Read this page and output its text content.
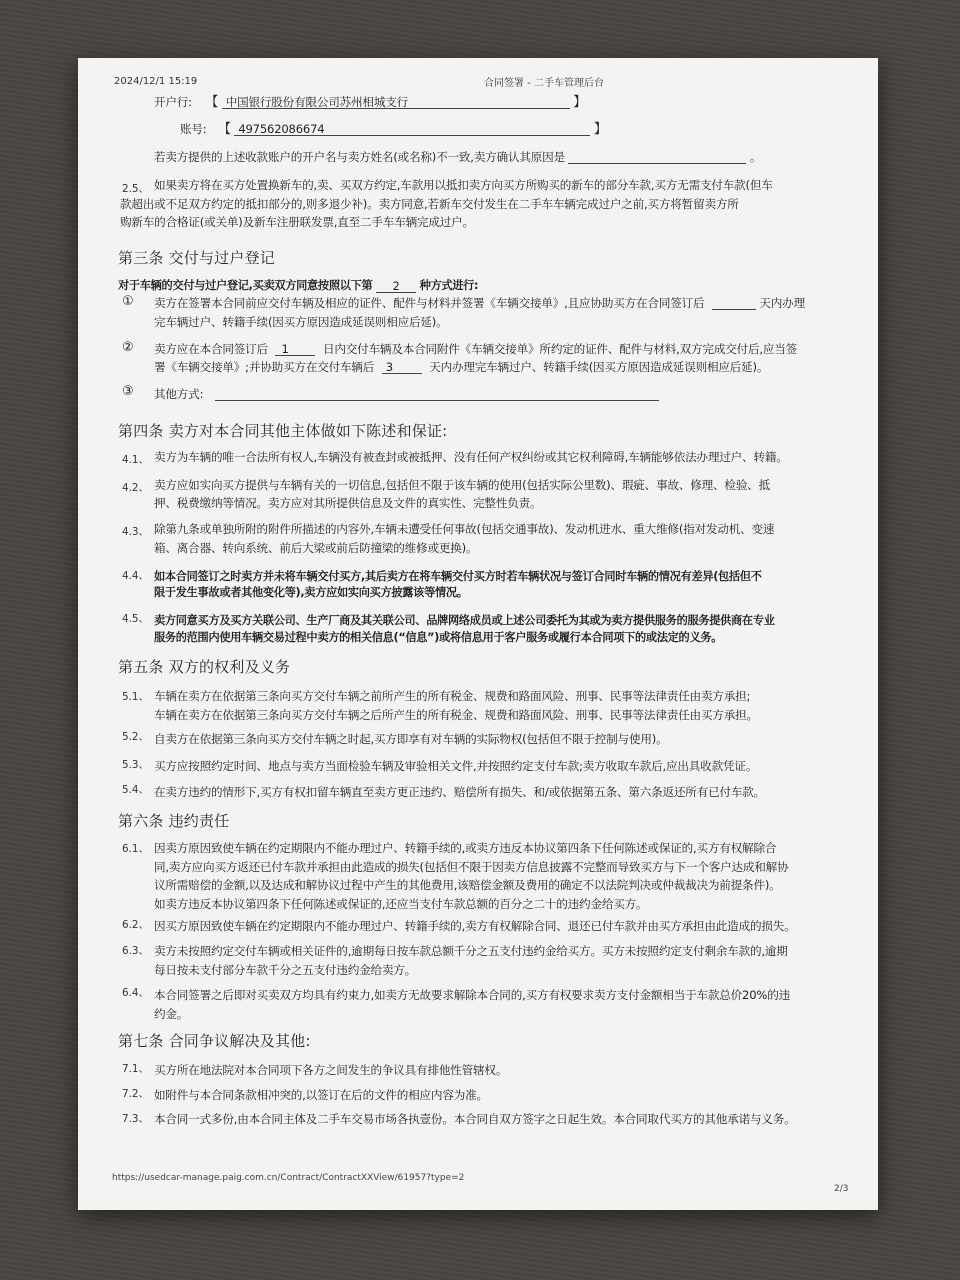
2024/12/1 15:19	合同签署 - 二手车管理后台
开户行: 【 中国银行股份有限公司苏州相城支行	】
账号: 【 497562086674	】
若卖方提供的上述收款账户的开户名与卖方姓名(或名称)不一致,卖方确认其原因是	。
2.5、 如果卖方将在买方处置换新车的,卖、买双方约定,车款用以抵扣卖方向买方所购买的新车的部分车款,买方无需支付车款(但车
款超出或不足双方约定的抵扣部分的,则多退少补)。卖方同意,若新车交付发生在二手车车辆完成过户之前,买方将暂留卖方所
购新车的合格证(或关单)及新车注册联发票,直至二手车车辆完成过户。
第三条 交付与过户登记
对于车辆的交付与过户登记,买卖双方同意按照以下第 2 种方式进行:
① 卖方在签署本合同前应交付车辆及相应的证件、配件与材料并签署《车辆交接单》,且应协助买方在合同签订后	天内办理
完车辆过户、转籍手续(因买方原因造成延误则相应后延)。
② 卖方应在本合同签订后 1	日内交付车辆及本合同附件《车辆交接单》所约定的证件、配件与材料,双方完成交付后,应当签
署《车辆交接单》;并协助买方在交付车辆后 3	天内办理完车辆过户、转籍手续(因买方原因造成延误则相应后延)。
③ 其他方式:
第四条 卖方对本合同其他主体做如下陈述和保证:
4.1、 卖方为车辆的唯一合法所有权人,车辆没有被查封或被抵押、没有任何产权纠纷或其它权利障碍,车辆能够依法办理过户、转籍。
4.2、 卖方应如实向买方提供与车辆有关的一切信息,包括但不限于该车辆的使用(包括实际公里数)、瑕疵、事故、修理、检验、抵
押、税费缴纳等情况。卖方应对其所提供信息及文件的真实性、完整性负责。
4.3、 除第九条或单独所附的附件所描述的内容外,车辆未遭受任何事故(包括交通事故)、发动机进水、重大维修(指对发动机、变速
箱、离合器、转向系统、前后大梁或前后防撞梁的维修或更换)。
4.4、 如本合同签订之时卖方并未将车辆交付买方,其后卖方在将车辆交付买方时若车辆状况与签订合同时车辆的情况有差异(包括但不
限于发生事故或者其他变化等),卖方应如实向买方披露该等情况。
4.5、 卖方同意买方及买方关联公司、生产厂商及其关联公司、品牌网络成员或上述公司委托为其或为卖方提供服务的服务提供商在专业
服务的范围内使用车辆交易过程中卖方的相关信息(“信息”)或将信息用于客户服务或履行本合同项下的或法定的义务。
第五条 双方的权利及义务
5.1、 车辆在卖方在依据第三条向买方交付车辆之前所产生的所有税金、规费和路面风险、刑事、民事等法律责任由卖方承担;
车辆在卖方在依据第三条向买方交付车辆之后所产生的所有税金、规费和路面风险、刑事、民事等法律责任由买方承担。
5.2、 自卖方在依据第三条向买方交付车辆之时起,买方即享有对车辆的实际物权(包括但不限于控制与使用)。
5.3、 买方应按照约定时间、地点与卖方当面检验车辆及审验相关文件,并按照约定支付车款;卖方收取车款后,应出具收款凭证。
5.4、 在卖方违约的情形下,买方有权扣留车辆直至卖方更正违约、赔偿所有损失、和/或依据第五条、第六条返还所有已付车款。
第六条 违约责任
6.1、 因卖方原因致使车辆在约定期限内不能办理过户、转籍手续的,或卖方违反本协议第四条下任何陈述或保证的,买方有权解除合
同,卖方应向买方返还已付车款并承担由此造成的损失(包括但不限于因卖方信息披露不完整而导致买方与下一个客户达成和解协
议所需赔偿的金额,以及达成和解协议过程中产生的其他费用,该赔偿金额及费用的确定不以法院判决或仲裁裁决为前提条件)。
如卖方违反本协议第四条下任何陈述或保证的,还应当支付车款总额的百分之二十的违约金给买方。
6.2、 因买方原因致使车辆在约定期限内不能办理过户、转籍手续的,卖方有权解除合同、退还已付车款并由买方承担由此造成的损失。
6.3、 卖方未按照约定交付车辆或相关证件的,逾期每日按车款总额千分之五支付违约金给买方。买方未按照约定支付剩余车款的,逾期
每日按未支付部分车款千分之五支付违约金给卖方。
6.4、 本合同签署之后即对买卖双方均具有约束力,如卖方无故要求解除本合同的,买方有权要求卖方支付金额相当于车款总价20%的违
约金。
第七条 合同争议解决及其他:
7.1、 买方所在地法院对本合同项下各方之间发生的争议具有排他性管辖权。
7.2、 如附件与本合同条款相冲突的,以签订在后的文件的相应内容为准。
7.3、 本合同一式多份,由本合同主体及二手车交易市场各执壹份。本合同自双方签字之日起生效。本合同取代买方的其他承诺与义务。
https://usedcar-manage.paig.com.cn/Contract/ContractXXView/61957?type=2
2/3
